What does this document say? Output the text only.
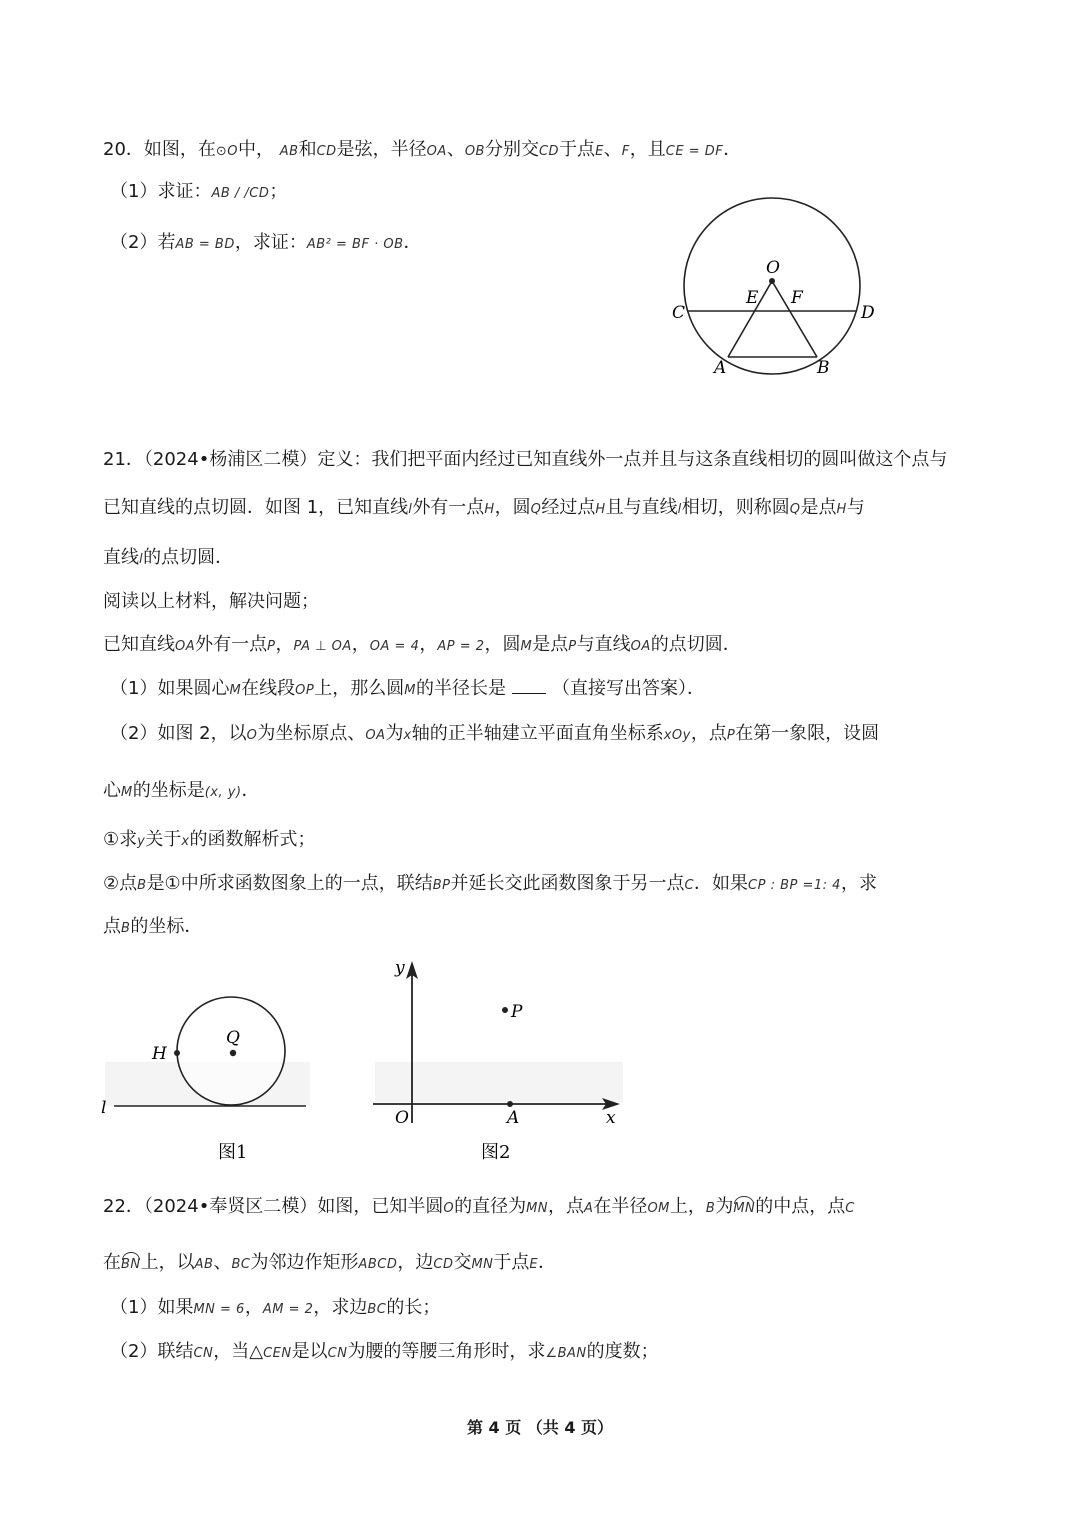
20．如图，在⊙O中， AB和CD是弦，半径OA、OB分别交CD于点E、F，且CE = DF．
（1）求证：AB / /CD；
（2）若AB = BD，求证：AB² = BF · OB．
O
E F
C	D
A	B
21．（2024•杨浦区二模）定义：我们把平面内经过已知直线外一点并且与这条直线相切的圆叫做这个点与
已知直线的点切圆．如图 1，已知直线l外有一点H，圆Q经过点H且与直线l相切，则称圆Q是点H与
直线l的点切圆．
阅读以上材料，解决问题；
已知直线OA外有一点P，PA ⊥ OA，OA = 4，AP = 2，圆M是点P与直线OA的点切圆．
（1）如果圆心M在线段OP上，那么圆M的半径长是	（直接写出答案）．
（2）如图 2，以O为坐标原点、OA为x轴的正半轴建立平面直角坐标系xOy，点P在第一象限，设圆
心M的坐标是(x, y)．
①求y关于x的函数解析式；
②点B是①中所求函数图象上的一点，联结BP并延长交此函数图象于另一点C．如果CP : BP =1: 4，求
点B的坐标．
H
Q
l
图1
y
P
O	A	x
图2
22．（2024•奉贤区二模）如图，已知半圆O的直径为MN，点A在半径OM上，B为
MN的中点，点C
在
BN上，以AB、BC为邻边作矩形ABCD，边CD交MN于点E．
（1）如果MN = 6，AM = 2，求边BC的长；
（2）联结CN，当△CEN是以CN为腰的等腰三角形时，求∠BAN的度数；
第 4 页 （共 4 页）
